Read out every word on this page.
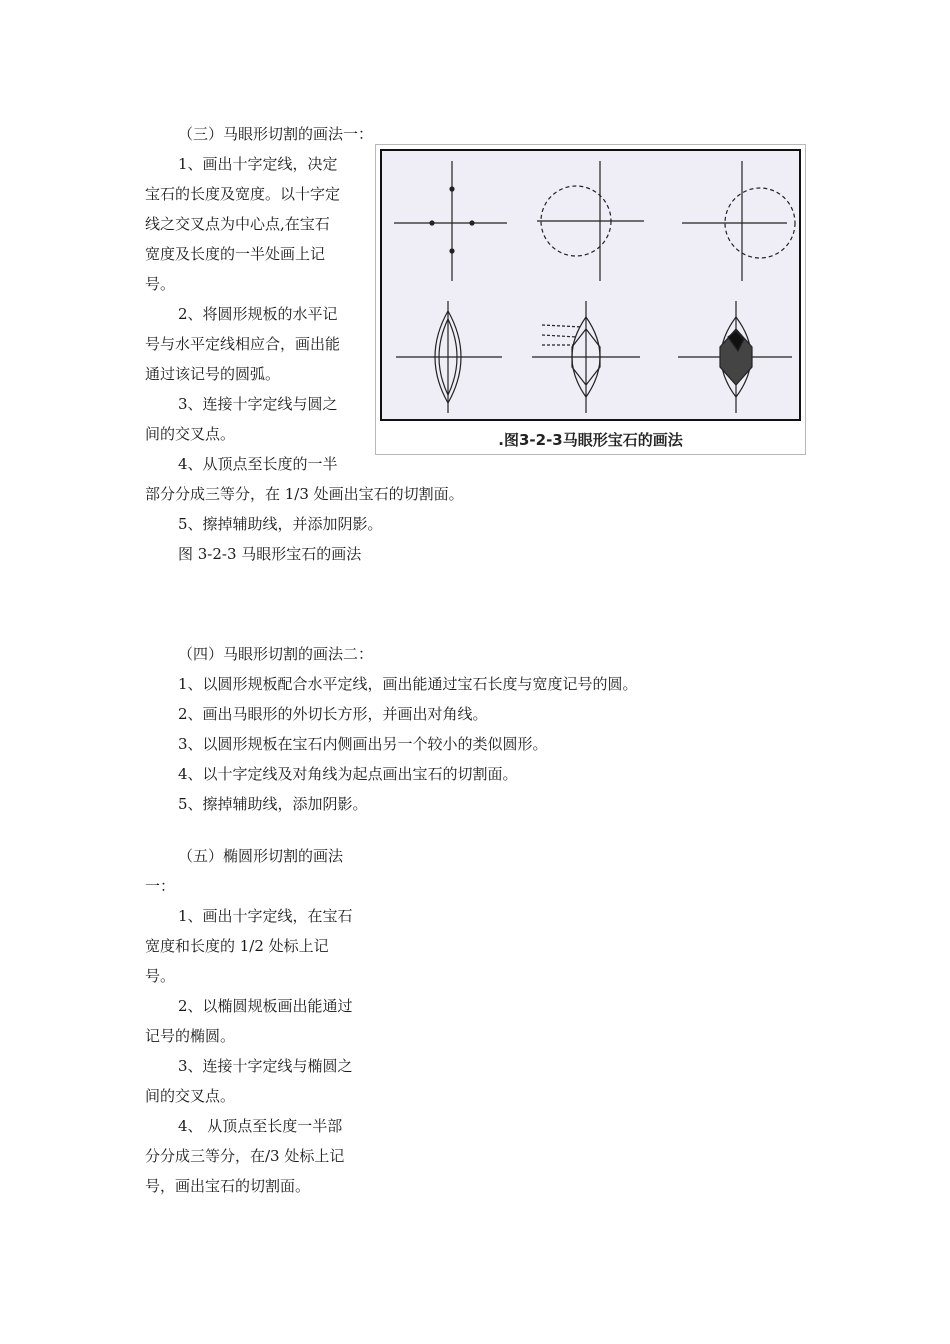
（三）马眼形切割的画法一：
1、画出十字定线，决定
宝石的长度及宽度。以十字定
线之交叉点为中心点,在宝石
宽度及长度的一半处画上记
号。
2、将圆形规板的水平记
号与水平定线相应合，画出能
通过该记号的圆弧。
3、连接十字定线与圆之
间的交叉点。
4、从顶点至长度的一半
部分分成三等分，在 1/3 处画出宝石的切割面。
5、擦掉辅助线，并添加阴影。
图 3-2-3 马眼形宝石的画法
.图3-2-3马眼形宝石的画法
（四）马眼形切割的画法二：
1、以圆形规板配合水平定线，画出能通过宝石长度与宽度记号的圆。
2、画出马眼形的外切长方形，并画出对角线。
3、以圆形规板在宝石内侧画出另一个较小的类似圆形。
4、以十字定线及对角线为起点画出宝石的切割面。
5、擦掉辅助线，添加阴影。
（五）椭圆形切割的画法
一：
1、画出十字定线，在宝石
宽度和长度的 1/2 处标上记
号。
2、以椭圆规板画出能通过
记号的椭圆。
3、连接十字定线与椭圆之
间的交叉点。
4、 从顶点至长度一半部
分分成三等分，在/3 处标上记
号，画出宝石的切割面。
